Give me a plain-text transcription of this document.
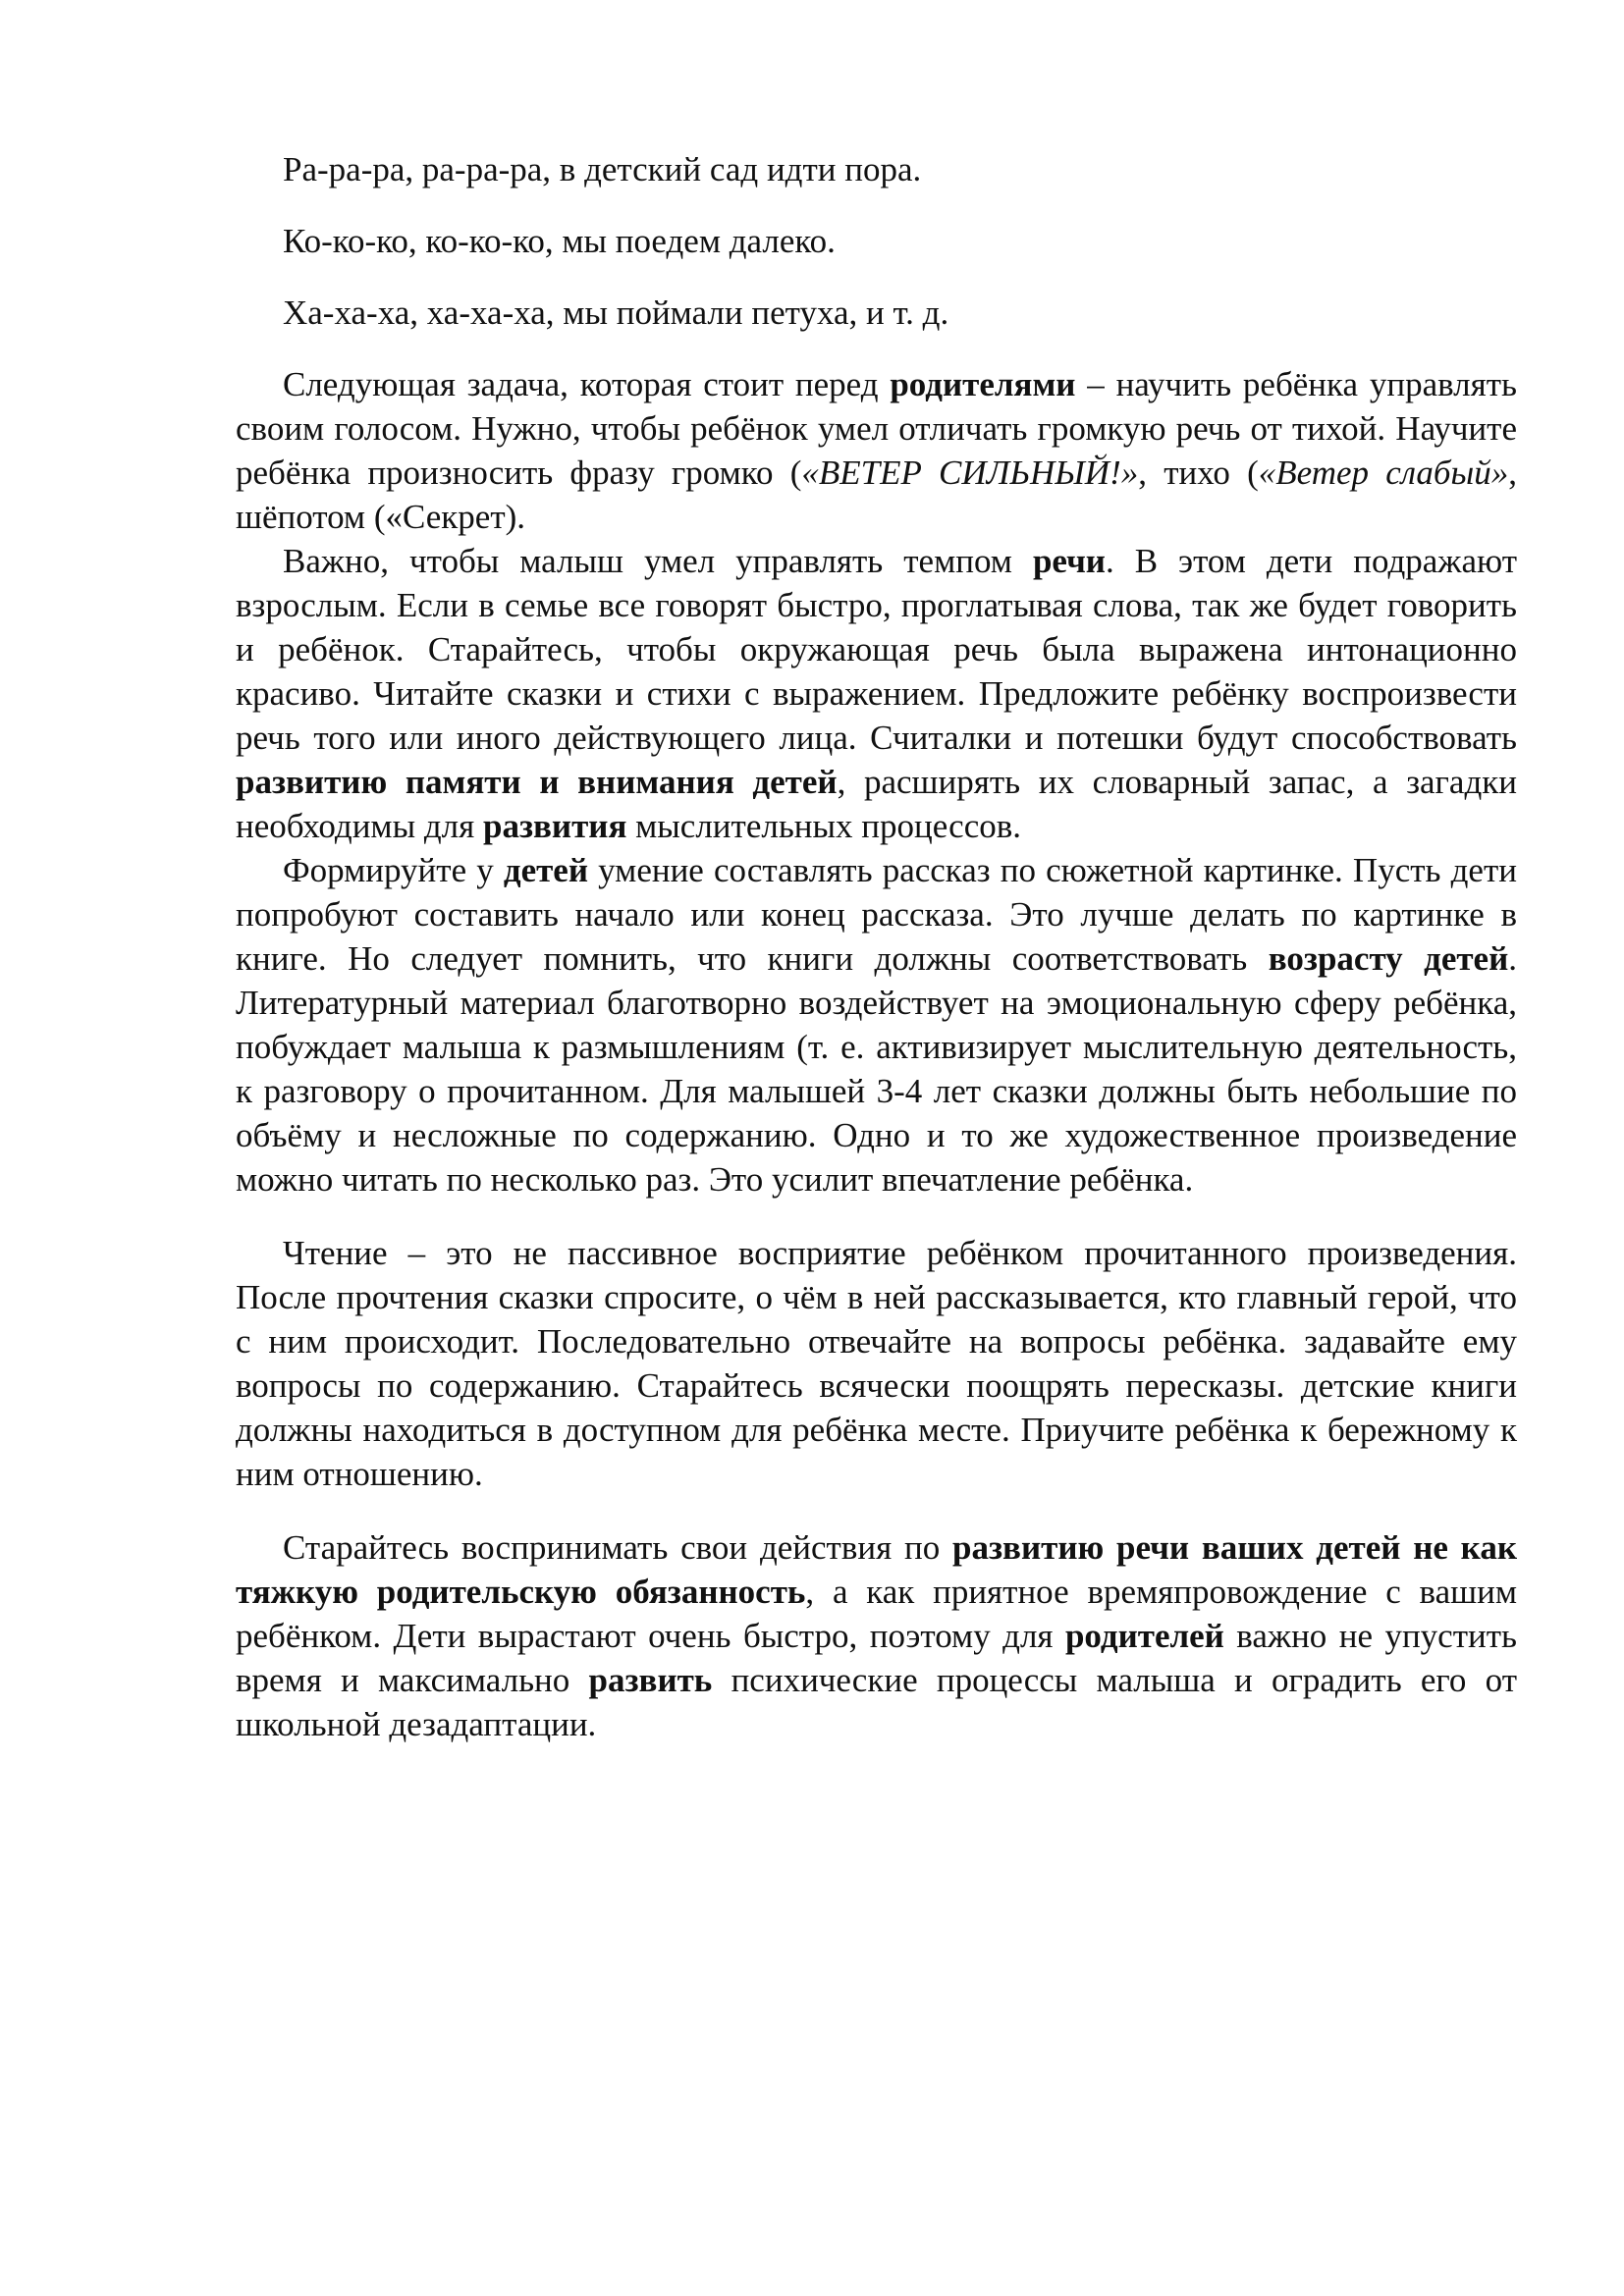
Ра-ра-ра, ра-ра-ра, в детский сад идти пора.

Ко-ко-ко, ко-ко-ко, мы поедем далеко.

Ха-ха-ха, ха-ха-ха, мы поймали петуха, и т. д.

Следующая задача, которая стоит перед родителями – научить ребёнка управлять своим голосом. Нужно, чтобы ребёнок умел отличать громкую речь от тихой. Научите ребёнка произносить фразу громко («ВЕТЕР СИЛЬНЫЙ!», тихо («Ветер слабый», шёпотом («Секрет).

Важно, чтобы малыш умел управлять темпом речи. В этом дети подражают взрослым. Если в семье все говорят быстро, проглатывая слова, так же будет говорить и ребёнок. Старайтесь, чтобы окружающая речь была выражена интонационно красиво. Читайте сказки и стихи с выражением. Предложите ребёнку воспроизвести речь того или иного действующего лица. Считалки и потешки будут способствовать развитию памяти и внимания детей, расширять их словарный запас, а загадки необходимы для развития мыслительных процессов.

Формируйте у детей умение составлять рассказ по сюжетной картинке. Пусть дети попробуют составить начало или конец рассказа. Это лучше делать по картинке в книге. Но следует помнить, что книги должны соответствовать возрасту детей. Литературный материал благотворно воздействует на эмоциональную сферу ребёнка, побуждает малыша к размышлениям (т. е. активизирует мыслительную деятельность, к разговору о прочитанном. Для малышей 3-4 лет сказки должны быть небольшие по объёму и несложные по содержанию. Одно и то же художественное произведение можно читать по несколько раз. Это усилит впечатление ребёнка.

Чтение – это не пассивное восприятие ребёнком прочитанного произведения. После прочтения сказки спросите, о чём в ней рассказывается, кто главный герой, что с ним происходит. Последовательно отвечайте на вопросы ребёнка. задавайте ему вопросы по содержанию. Старайтесь всячески поощрять пересказы. детские книги должны находиться в доступном для ребёнка месте. Приучите ребёнка к бережному к ним отношению.

Старайтесь воспринимать свои действия по развитию речи ваших детей не как тяжкую родительскую обязанность, а как приятное времяпровождение с вашим ребёнком. Дети вырастают очень быстро, поэтому для родителей важно не упустить время и максимально развить психические процессы малыша и оградить его от школьной дезадаптации.
